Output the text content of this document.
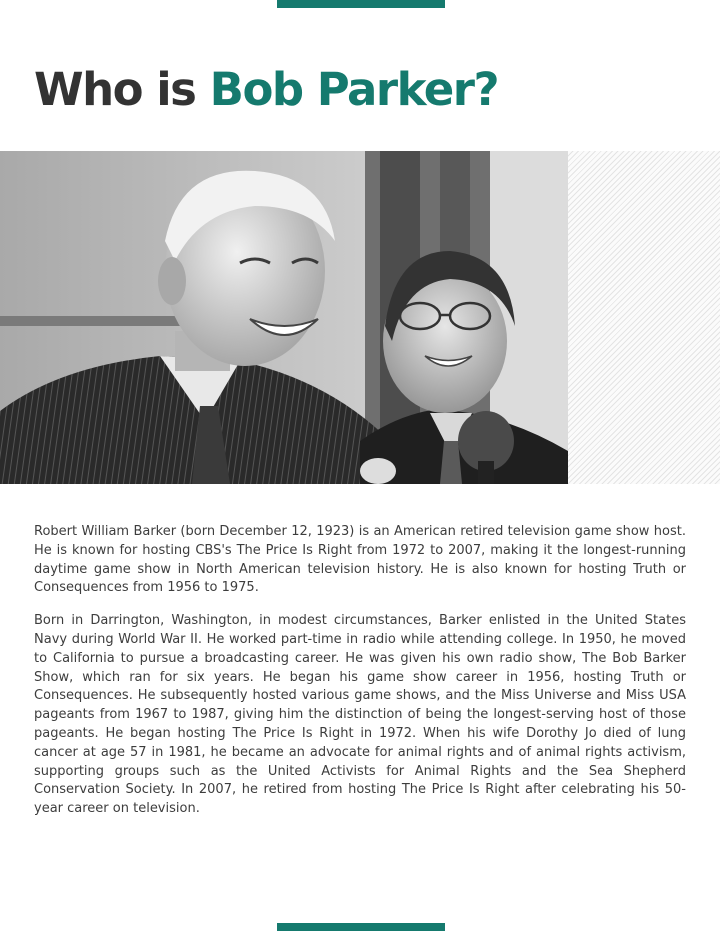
Who is Bob Parker?

Robert William Barker (born December 12, 1923) is an American retired television game show host. He is known for hosting CBS's The Price Is Right from 1972 to 2007, making it the longest-running daytime game show in North American television history. He is also known for hosting Truth or Consequences from 1956 to 1975.

Born in Darrington, Washington, in modest circumstances, Barker enlisted in the United States Navy during World War II. He worked part-time in radio while attending college. In 1950, he moved to California to pursue a broadcasting career. He was given his own radio show, The Bob Barker Show, which ran for six years. He began his game show career in 1956, hosting Truth or Consequences. He subsequently hosted various game shows, and the Miss Universe and Miss USA pageants from 1967 to 1987, giving him the distinction of being the longest-serving host of those pageants. He began hosting The Price Is Right in 1972. When his wife Dorothy Jo died of lung cancer at age 57 in 1981, he became an advocate for animal rights and of animal rights activism, supporting groups such as the United Activists for Animal Rights and the Sea Shepherd Conservation Society. In 2007, he retired from hosting The Price Is Right after celebrating his 50-year career on television.
